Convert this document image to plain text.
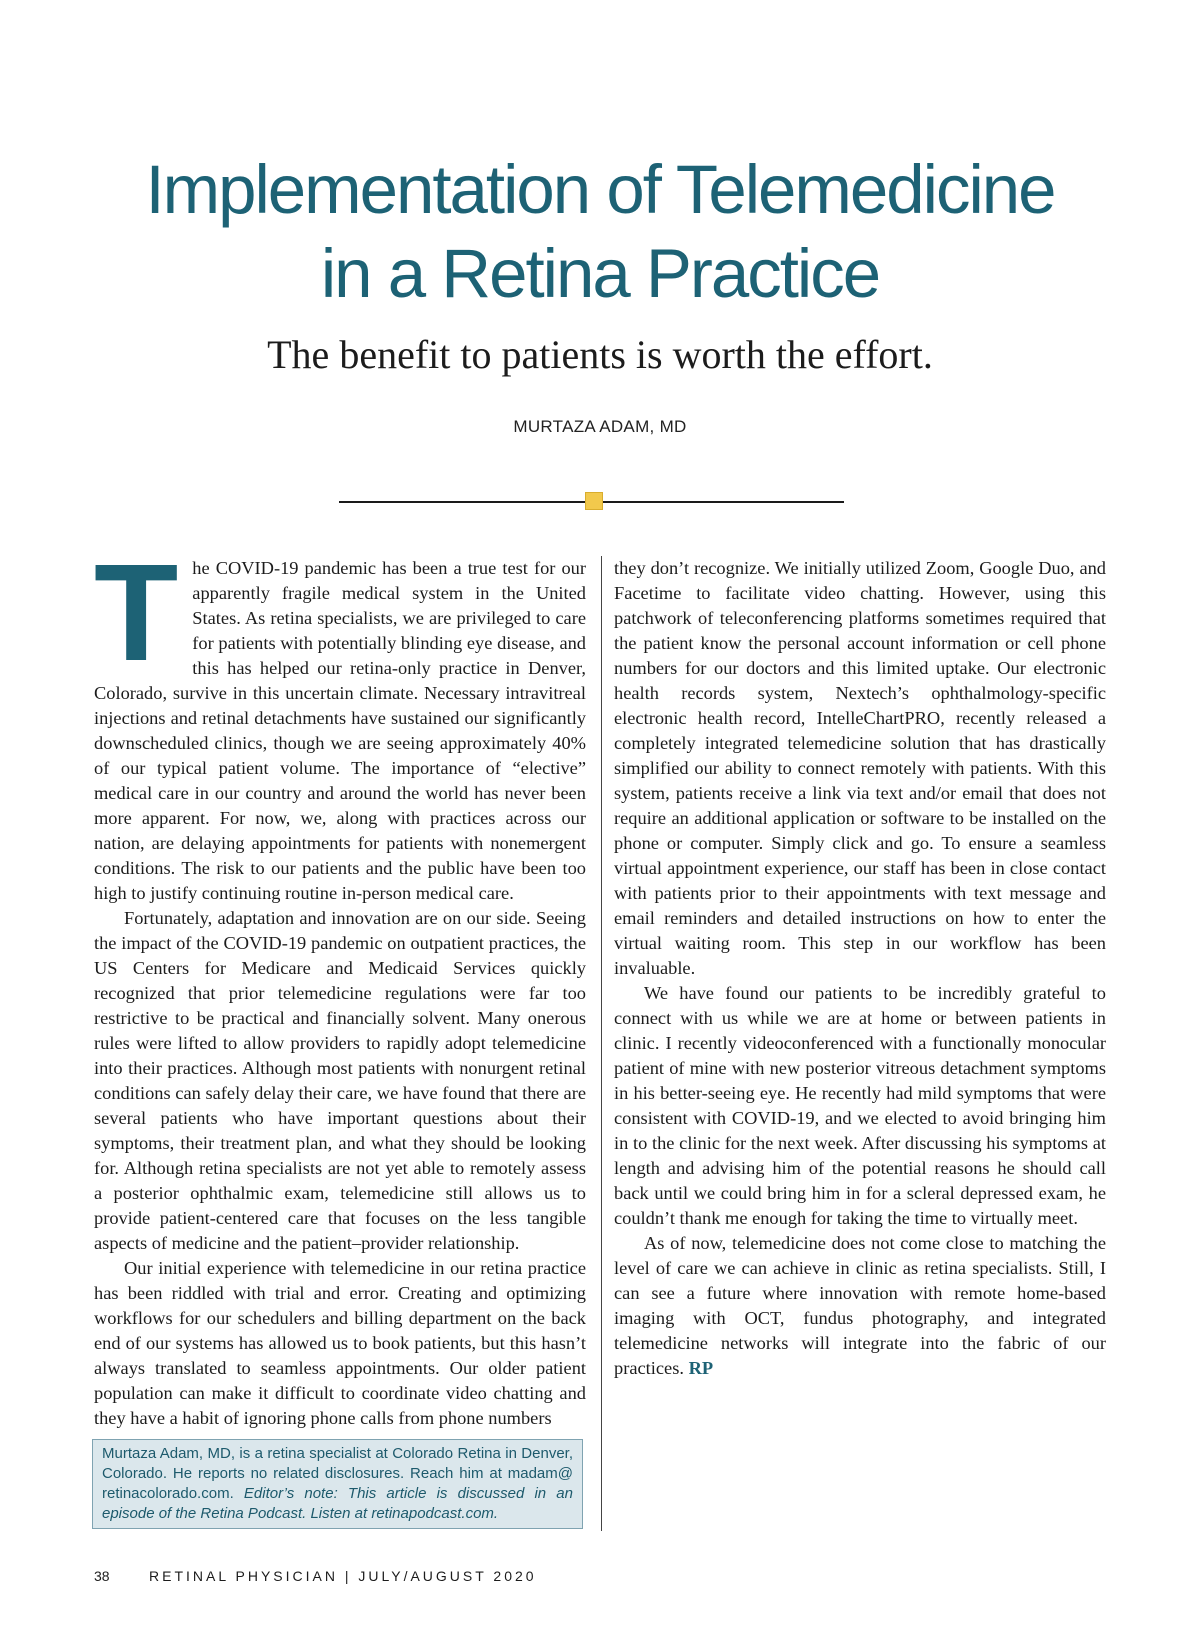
Implementation of Telemedicine
in a Retina Practice
The benefit to patients is worth the effort.
MURTAZA ADAM, MD

The COVID-19 pandemic has been a true test for our apparently fragile medical system in the United States. As retina specialists, we are privileged to care for patients with potentially blinding eye disease, and this has helped our retina-only practice in Denver, Colorado, survive in this uncertain climate. Necessary intravitreal injections and retinal detachments have sustained our significantly downscheduled clinics, though we are seeing approximately 40% of our typical patient volume. The importance of “elective” medical care in our country and around the world has never been more apparent. For now, we, along with practices across our nation, are delaying appointments for patients with nonemergent conditions. The risk to our patients and the public have been too high to justify continuing routine in-person medical care.

Fortunately, adaptation and innovation are on our side. Seeing the impact of the COVID-19 pandemic on outpatient practices, the US Centers for Medicare and Medicaid Services quickly recognized that prior telemedicine regulations were far too restrictive to be practical and financially solvent. Many onerous rules were lifted to allow providers to rapidly adopt telemedicine into their practices. Although most patients with nonurgent retinal conditions can safely delay their care, we have found that there are several patients who have important questions about their symptoms, their treatment plan, and what they should be looking for. Although retina specialists are not yet able to remotely assess a posterior ophthalmic exam, telemedicine still allows us to provide patient-centered care that focuses on the less tangible aspects of medicine and the patient–provider relationship.

Our initial experience with telemedicine in our retina practice has been riddled with trial and error. Creating and optimizing workflows for our schedulers and billing department on the back end of our systems has allowed us to book patients, but this hasn’t always translated to seamless appointments. Our older patient population can make it difficult to coordinate video chatting and they have a habit of ignoring phone calls from phone numbers

they don’t recognize. We initially utilized Zoom, Google Duo, and Facetime to facilitate video chatting. However, using this patchwork of teleconferencing platforms sometimes required that the patient know the personal account information or cell phone numbers for our doctors and this limited uptake. Our electronic health records system, Nextech’s ophthalmology-specific electronic health record, IntelleChartPRO, recently released a completely integrated telemedicine solution that has drastically simplified our ability to connect remotely with patients. With this system, patients receive a link via text and/or email that does not require an additional application or software to be installed on the phone or computer. Simply click and go. To ensure a seamless virtual appointment experience, our staff has been in close contact with patients prior to their appointments with text message and email reminders and detailed instructions on how to enter the virtual waiting room. This step in our workflow has been invaluable.

We have found our patients to be incredibly grateful to connect with us while we are at home or between patients in clinic. I recently videoconferenced with a functionally monocular patient of mine with new posterior vitreous detachment symptoms in his better-seeing eye. He recently had mild symptoms that were consistent with COVID-19, and we elected to avoid bringing him in to the clinic for the next week. After discussing his symptoms at length and advising him of the potential reasons he should call back until we could bring him in for a scleral depressed exam, he couldn’t thank me enough for taking the time to virtually meet.

As of now, telemedicine does not come close to matching the level of care we can achieve in clinic as retina specialists. Still, I can see a future where innovation with remote home-based imaging with OCT, fundus photography, and integrated telemedicine networks will integrate into the fabric of our practices. RP

Murtaza Adam, MD, is a retina specialist at Colorado Retina in Denver, Colorado. He reports no related disclosures. Reach him at madam@ retinacolorado.com. Editor’s note: This article is discussed in an episode of the Retina Podcast. Listen at retinapodcast.com.
38	RETINAL PHYSICIAN | JULY/AUGUST 2020
